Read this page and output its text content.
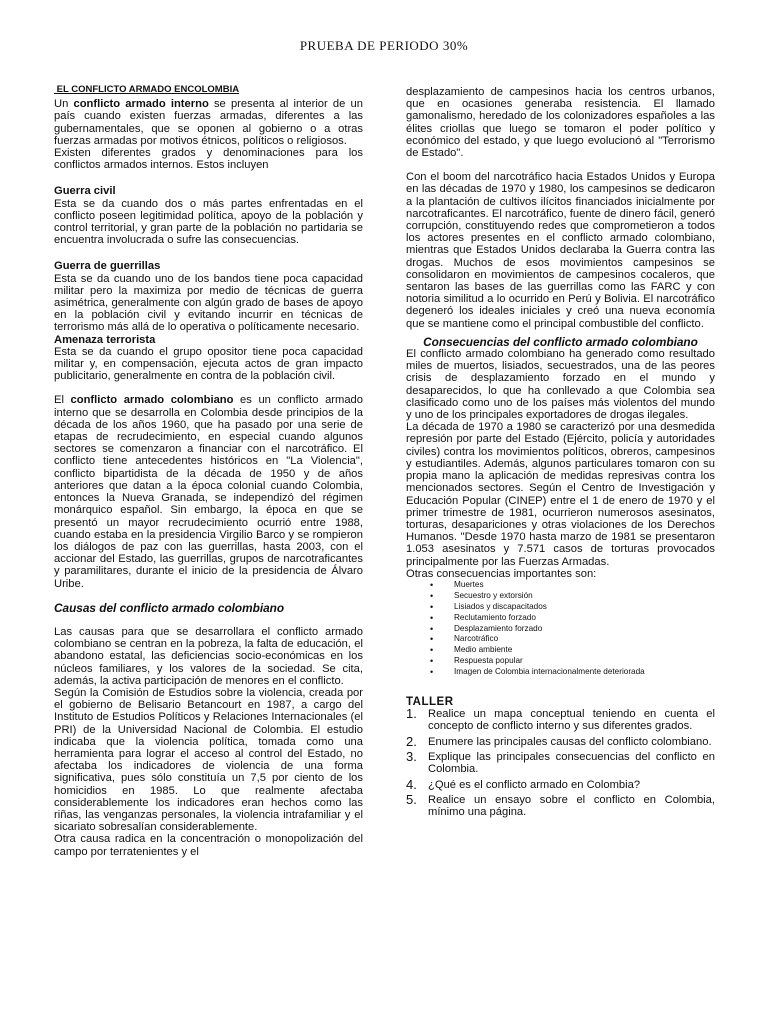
PRUEBA DE PERIODO 30%

EL CONFLICTO ARMADO ENCOLOMBIA

Un conflicto armado interno se presenta al interior de un país cuando existen fuerzas armadas, diferentes a las gubernamentales, que se oponen al gobierno o a otras fuerzas armadas por motivos étnicos, políticos o religiosos.

Existen diferentes grados y denominaciones para los conflictos armados internos. Estos incluyen

Guerra civil

Esta se da cuando dos o más partes enfrentadas en el conflicto poseen legitimidad política, apoyo de la población y control territorial, y gran parte de la población no partidaria se encuentra involucrada o sufre las consecuencias.

Guerra de guerrillas

Esta se da cuando uno de los bandos tiene poca capacidad militar pero la maximiza por medio de técnicas de guerra asimétrica, generalmente con algún grado de bases de apoyo en la población civil y evitando incurrir en técnicas de terrorismo más allá de lo operativa o políticamente necesario.

Amenaza terrorista

Esta se da cuando el grupo opositor tiene poca capacidad militar y, en compensación, ejecuta actos de gran impacto publicitario, generalmente en contra de la población civil.

El conflicto armado colombiano es un conflicto armado interno que se desarrolla en Colombia desde principios de la década de los años 1960, que ha pasado por una serie de etapas de recrudecimiento, en especial cuando algunos sectores se comenzaron a financiar con el narcotráfico. El conflicto tiene antecedentes históricos en "La Violencia", conflicto bipartidista de la década de 1950 y de años anteriores que datan a la época colonial cuando Colombia, entonces la Nueva Granada, se independizó del régimen monárquico español. Sin embargo, la época en que se presentó un mayor recrudecimiento ocurrió entre 1988, cuando estaba en la presidencia Virgilio Barco y se rompieron los diálogos de paz con las guerrillas, hasta 2003, con el accionar del Estado, las guerrillas, grupos de narcotraficantes y paramilitares, durante el inicio de la presidencia de Álvaro Uribe.

Causas del conflicto armado colombiano

Las causas para que se desarrollara el conflicto armado colombiano se centran en la pobreza, la falta de educación, el abandono estatal, las deficiencias socio-económicas en los núcleos familiares, y los valores de la sociedad. Se cita, además, la activa participación de menores en el conflicto.

Según la Comisión de Estudios sobre la violencia, creada por el gobierno de Belisario Betancourt en 1987, a cargo del Instituto de Estudios Políticos y Relaciones Internacionales (el PRI) de la Universidad Nacional de Colombia. El estudio indicaba que la violencia política, tomada como una herramienta para lograr el acceso al control del Estado, no afectaba los indicadores de violencia de una forma significativa, pues sólo constituía un 7,5 por ciento de los homicidios en 1985. Lo que realmente afectaba considerablemente los indicadores eran hechos como las riñas, las venganzas personales, la violencia intrafamiliar y el sicariato sobresalían considerablemente.

Otra causa radica en la concentración o monopolización del campo por terratenientes y el

desplazamiento de campesinos hacia los centros urbanos, que en ocasiones generaba resistencia. El llamado gamonalismo, heredado de los colonizadores españoles a las élites criollas que luego se tomaron el poder político y económico del estado, y que luego evolucionó al "Terrorismo de Estado".

Con el boom del narcotráfico hacia Estados Unidos y Europa en las décadas de 1970 y 1980, los campesinos se dedicaron a la plantación de cultivos ilícitos financiados inicialmente por narcotraficantes. El narcotráfico, fuente de dinero fácil, generó corrupción, constituyendo redes que comprometieron a todos los actores presentes en el conflicto armado colombiano, mientras que Estados Unidos declaraba la Guerra contra las drogas. Muchos de esos movimientos campesinos se consolidaron en movimientos de campesinos cocaleros, que sentaron las bases de las guerrillas como las FARC y con notoria similitud a lo ocurrido en Perú y Bolivia. El narcotráfico degeneró los ideales iniciales y creó una nueva economía que se mantiene como el principal combustible del conflicto.

Consecuencias del conflicto armado colombiano

El conflicto armado colombiano ha generado como resultado miles de muertos, lisiados, secuestrados, una de las peores crisis de desplazamiento forzado en el mundo y desaparecidos, lo que ha conllevado a que Colombia sea clasificado como uno de los países más violentos del mundo y uno de los principales exportadores de drogas ilegales.

La década de 1970 a 1980 se caracterizó por una desmedida represión por parte del Estado (Ejército, policía y autoridades civiles) contra los movimientos políticos, obreros, campesinos y estudiantiles. Además, algunos particulares tomaron con su propia mano la aplicación de medidas represivas contra los mencionados sectores. Según el Centro de Investigación y Educación Popular (CINEP) entre el 1 de enero de 1970 y el primer trimestre de 1981, ocurrieron numerosos asesinatos, torturas, desapariciones y otras violaciones de los Derechos Humanos. "Desde 1970 hasta marzo de 1981 se presentaron 1.053 asesinatos y 7.571 casos de torturas provocados principalmente por las Fuerzas Armadas.

Otras consecuencias importantes son:

• Muertes
• Secuestro y extorsión
• Lisiados y discapacitados
• Reclutamiento forzado
• Desplazamiento forzado
• Narcotráfico
• Medio ambiente
• Respuesta popular
• Imagen de Colombia internacionalmente deteriorada

TALLER

1. Realice un mapa conceptual teniendo en cuenta el concepto de conflicto interno y sus diferentes grados.
2. Enumere las principales causas del conflicto colombiano.
3. Explique las principales consecuencias del conflicto en Colombia.
4. ¿Qué es el conflicto armado en Colombia?
5. Realice un ensayo sobre el conflicto en Colombia, mínimo una página.
